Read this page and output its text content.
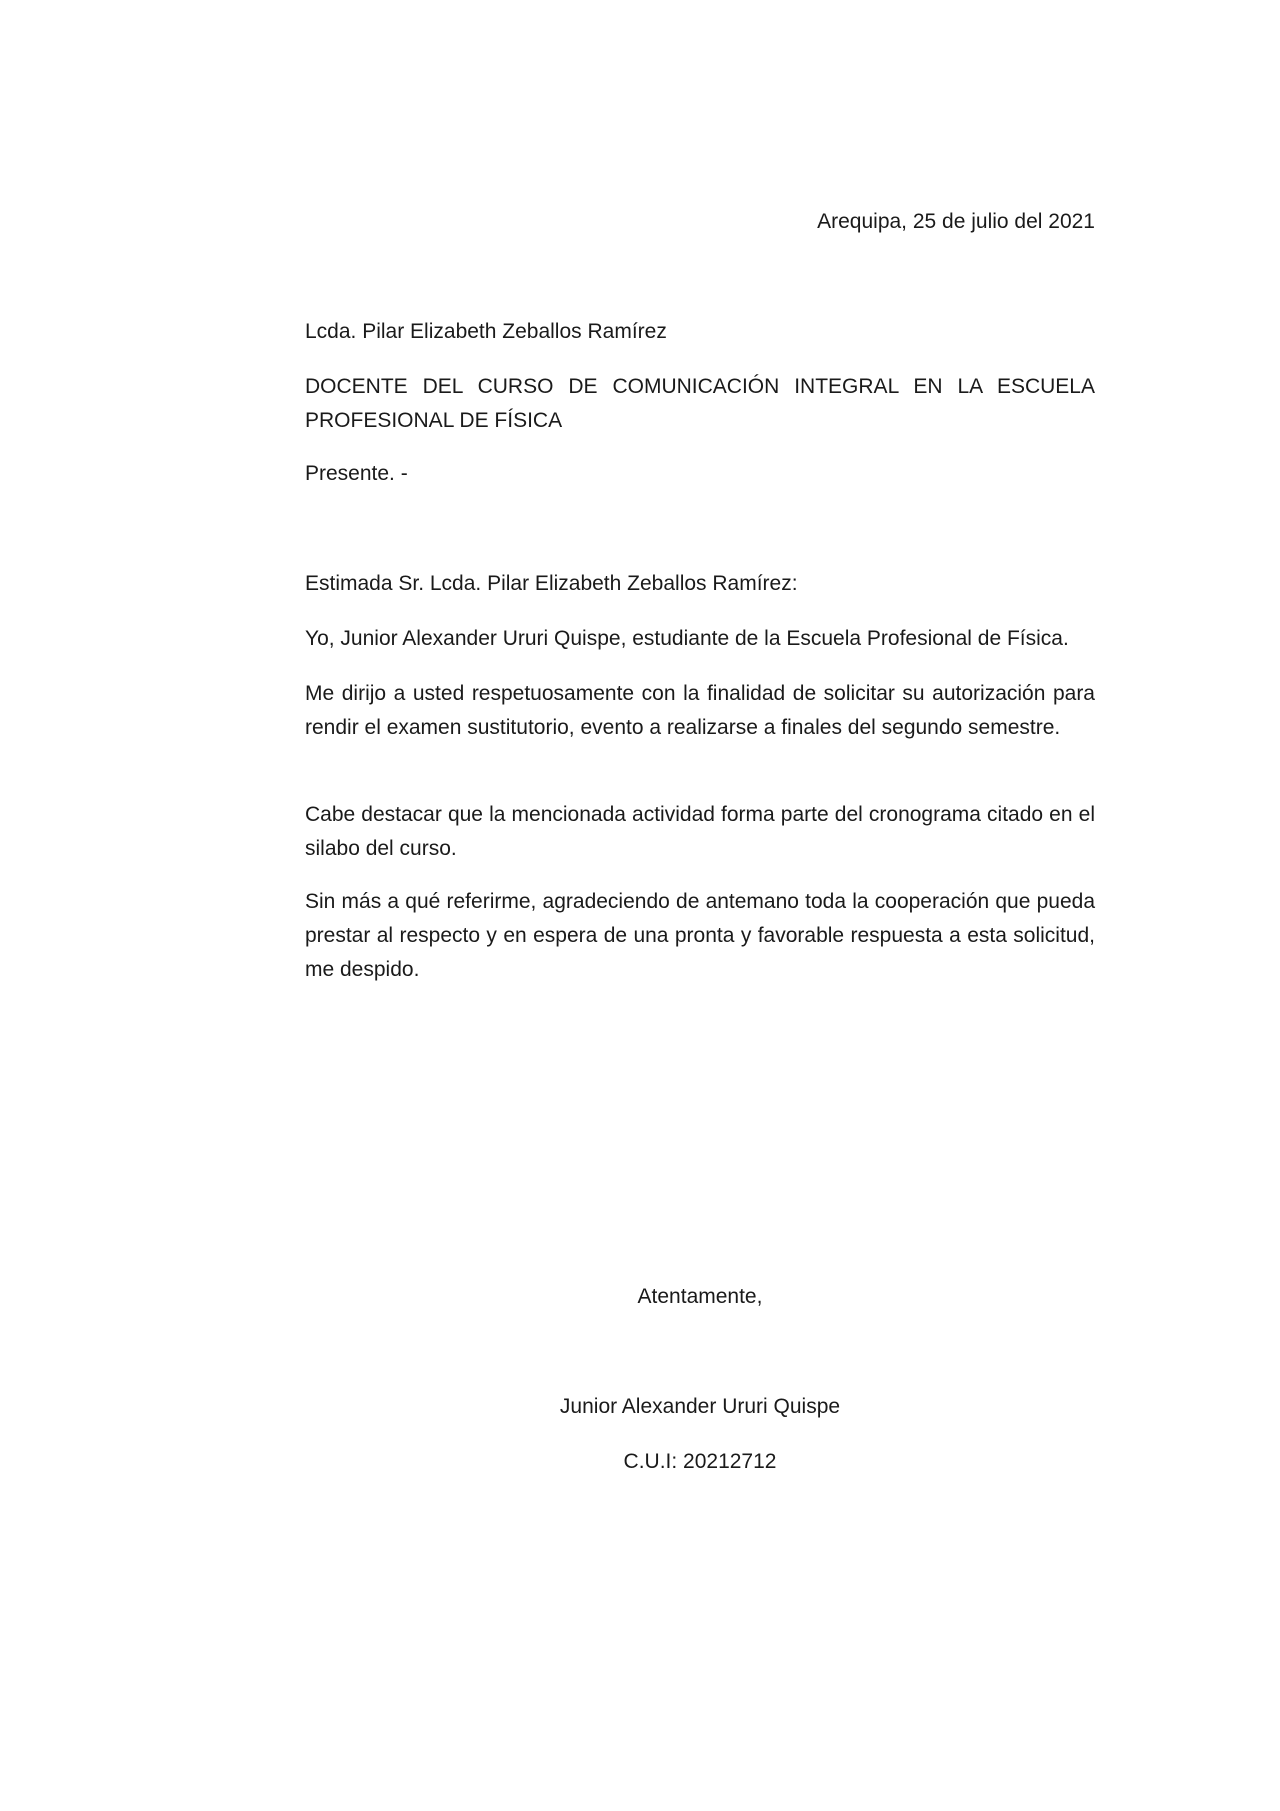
Arequipa, 25 de julio del 2021

Lcda. Pilar Elizabeth Zeballos Ramírez

DOCENTE DEL CURSO DE COMUNICACIÓN INTEGRAL EN LA ESCUELA PROFESIONAL DE FÍSICA

Presente. -

Estimada Sr. Lcda. Pilar Elizabeth Zeballos Ramírez:

Yo, Junior Alexander Ururi Quispe, estudiante de la Escuela Profesional de Física.

Me dirijo a usted respetuosamente con la finalidad de solicitar su autorización para rendir el examen sustitutorio, evento a realizarse a finales del segundo semestre.

Cabe destacar que la mencionada actividad forma parte del cronograma citado en el silabo del curso.

Sin más a qué referirme, agradeciendo de antemano toda la cooperación que pueda prestar al respecto y en espera de una pronta y favorable respuesta a esta solicitud, me despido.

Atentamente,

Junior Alexander Ururi Quispe

C.U.I: 20212712
